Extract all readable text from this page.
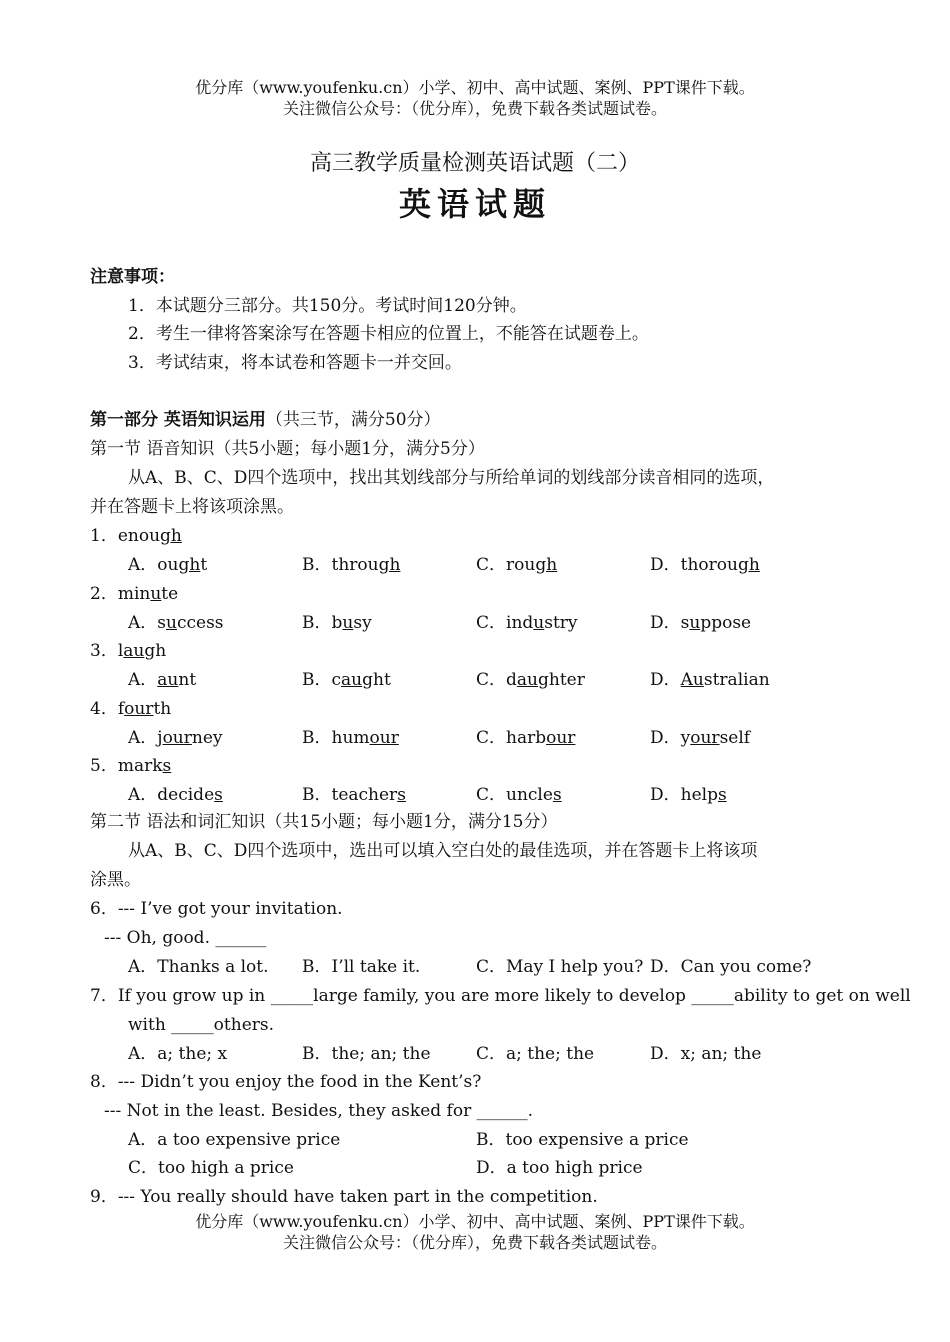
优分库（www.youfenku.cn）小学、初中、高中试题、案例、PPT课件下载。
关注微信公众号：（优分库），免费下载各类试题试卷。
高三教学质量检测英语试题（二）
英语试题
注意事项：
1．本试题分三部分。共150分。考试时间120分钟。
2．考生一律将答案涂写在答题卡相应的位置上，不能答在试题卷上。
3．考试结束，将本试卷和答题卡一并交回。
第一部分 英语知识运用（共三节，满分50分）
第一节 语音知识（共5小题；每小题1分，满分5分）
从A、B、C、D四个选项中，找出其划线部分与所给单词的划线部分读音相同的选项，
并在答题卡上将该项涂黑。
1．enough
A．ought	B．through	C．rough	D．thorough
2．minute
A．success	B．busy	C．industry	D．suppose
3．laugh
A．aunt	B．caught	C．daughter	D．Australian
4．fourth
A．journey	B．humour	C．harbour	D．yourself
5．marks
A．decides	B．teachers	C．uncles	D．helps
第二节 语法和词汇知识（共15小题；每小题1分，满分15分）
从A、B、C、D四个选项中，选出可以填入空白处的最佳选项，并在答题卡上将该项
涂黑。
6．--- I’ve got your invitation.
--- Oh, good. ______
A．Thanks a lot. B．I’ll take it.	C．May I help you? D．Can you come?
7．If you grow up in _____large family, you are more likely to develop _____ability to get on well
with _____others.
A．a; the; x	B．the; an; the	C．a; the; the	D．x; an; the
8．--- Didn’t you enjoy the food in the Kent’s?
--- Not in the least. Besides, they asked for ______.
A．a too expensive price	B．too expensive a price
C．too high a price	D．a too high price
9．--- You really should have taken part in the competition.
优分库（www.youfenku.cn）小学、初中、高中试题、案例、PPT课件下载。
关注微信公众号：（优分库），免费下载各类试题试卷。
